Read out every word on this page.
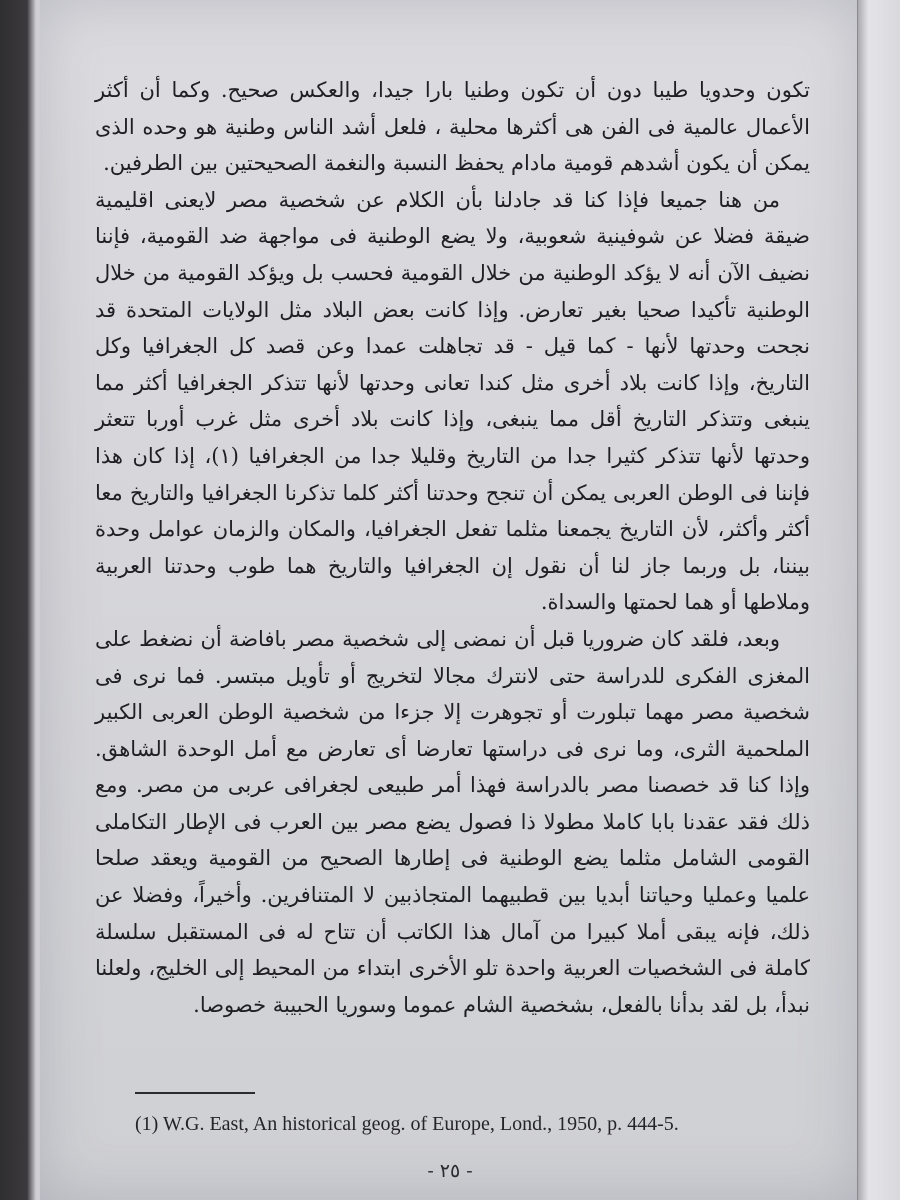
تكون وحدويا طيبا دون أن تكون وطنيا بارا جيدا، والعكس صحيح. وكما أن أكثر الأعمال عالمية فى الفن هى أكثرها محلية ، فلعل أشد الناس وطنية هو وحده الذى يمكن أن يكون أشدهم قومية مادام يحفظ النسبة والنغمة الصحيحتين بين الطرفين.

من هنا جميعا فإذا كنا قد جادلنا بأن الكلام عن شخصية مصر لايعنى اقليمية ضيقة فضلا عن شوفينية شعوبية، ولا يضع الوطنية فى مواجهة ضد القومية، فإننا نضيف الآن أنه لا يؤكد الوطنية من خلال القومية فحسب بل ويؤكد القومية من خلال الوطنية تأكيدا صحيا بغير تعارض. وإذا كانت بعض البلاد مثل الولايات المتحدة قد نجحت وحدتها لأنها - كما قيل - قد تجاهلت عمدا وعن قصد كل الجغرافيا وكل التاريخ، وإذا كانت بلاد أخرى مثل كندا تعانى وحدتها لأنها تتذكر الجغرافيا أكثر مما ينبغى وتتذكر التاريخ أقل مما ينبغى، وإذا كانت بلاد أخرى مثل غرب أوربا تتعثر وحدتها لأنها تتذكر كثيرا جدا من التاريخ وقليلا جدا من الجغرافيا (١)، إذا كان هذا فإننا فى الوطن العربى يمكن أن تنجح وحدتنا أكثر كلما تذكرنا الجغرافيا والتاريخ معا أكثر وأكثر، لأن التاريخ يجمعنا مثلما تفعل الجغرافيا، والمكان والزمان عوامل وحدة بيننا، بل وربما جاز لنا أن نقول إن الجغرافيا والتاريخ هما طوب وحدتنا العربية وملاطها أو هما لحمتها والسداة.

وبعد، فلقد كان ضروريا قبل أن نمضى إلى شخصية مصر بافاضة أن نضغط على المغزى الفكرى للدراسة حتى لانترك مجالا لتخريج أو تأويل مبتسر. فما نرى فى شخصية مصر مهما تبلورت أو تجوهرت إلا جزءا من شخصية الوطن العربى الكبير الملحمية الثرى، وما نرى فى دراستها تعارضا أى تعارض مع أمل الوحدة الشاهق. وإذا كنا قد خصصنا مصر بالدراسة فهذا أمر طبيعى لجغرافى عربى من مصر. ومع ذلك فقد عقدنا بابا كاملا مطولا ذا فصول يضع مصر بين العرب فى الإطار التكاملى القومى الشامل مثلما يضع الوطنية فى إطارها الصحيح من القومية ويعقد صلحا علميا وعمليا وحياتنا أبديا بين قطبيهما المتجاذبين لا المتنافرين. وأخيراً، وفضلا عن ذلك، فإنه يبقى أملا كبيرا من آمال هذا الكاتب أن تتاح له فى المستقبل سلسلة كاملة فى الشخصيات العربية واحدة تلو الأخرى ابتداء من المحيط إلى الخليج، ولعلنا نبدأ، بل لقد بدأنا بالفعل، بشخصية الشام عموما وسوريا الحبيبة خصوصا.

(1) W.G. East, An historical geog. of Europe, Lond., 1950, p. 444-5.
- ٢٥ -
